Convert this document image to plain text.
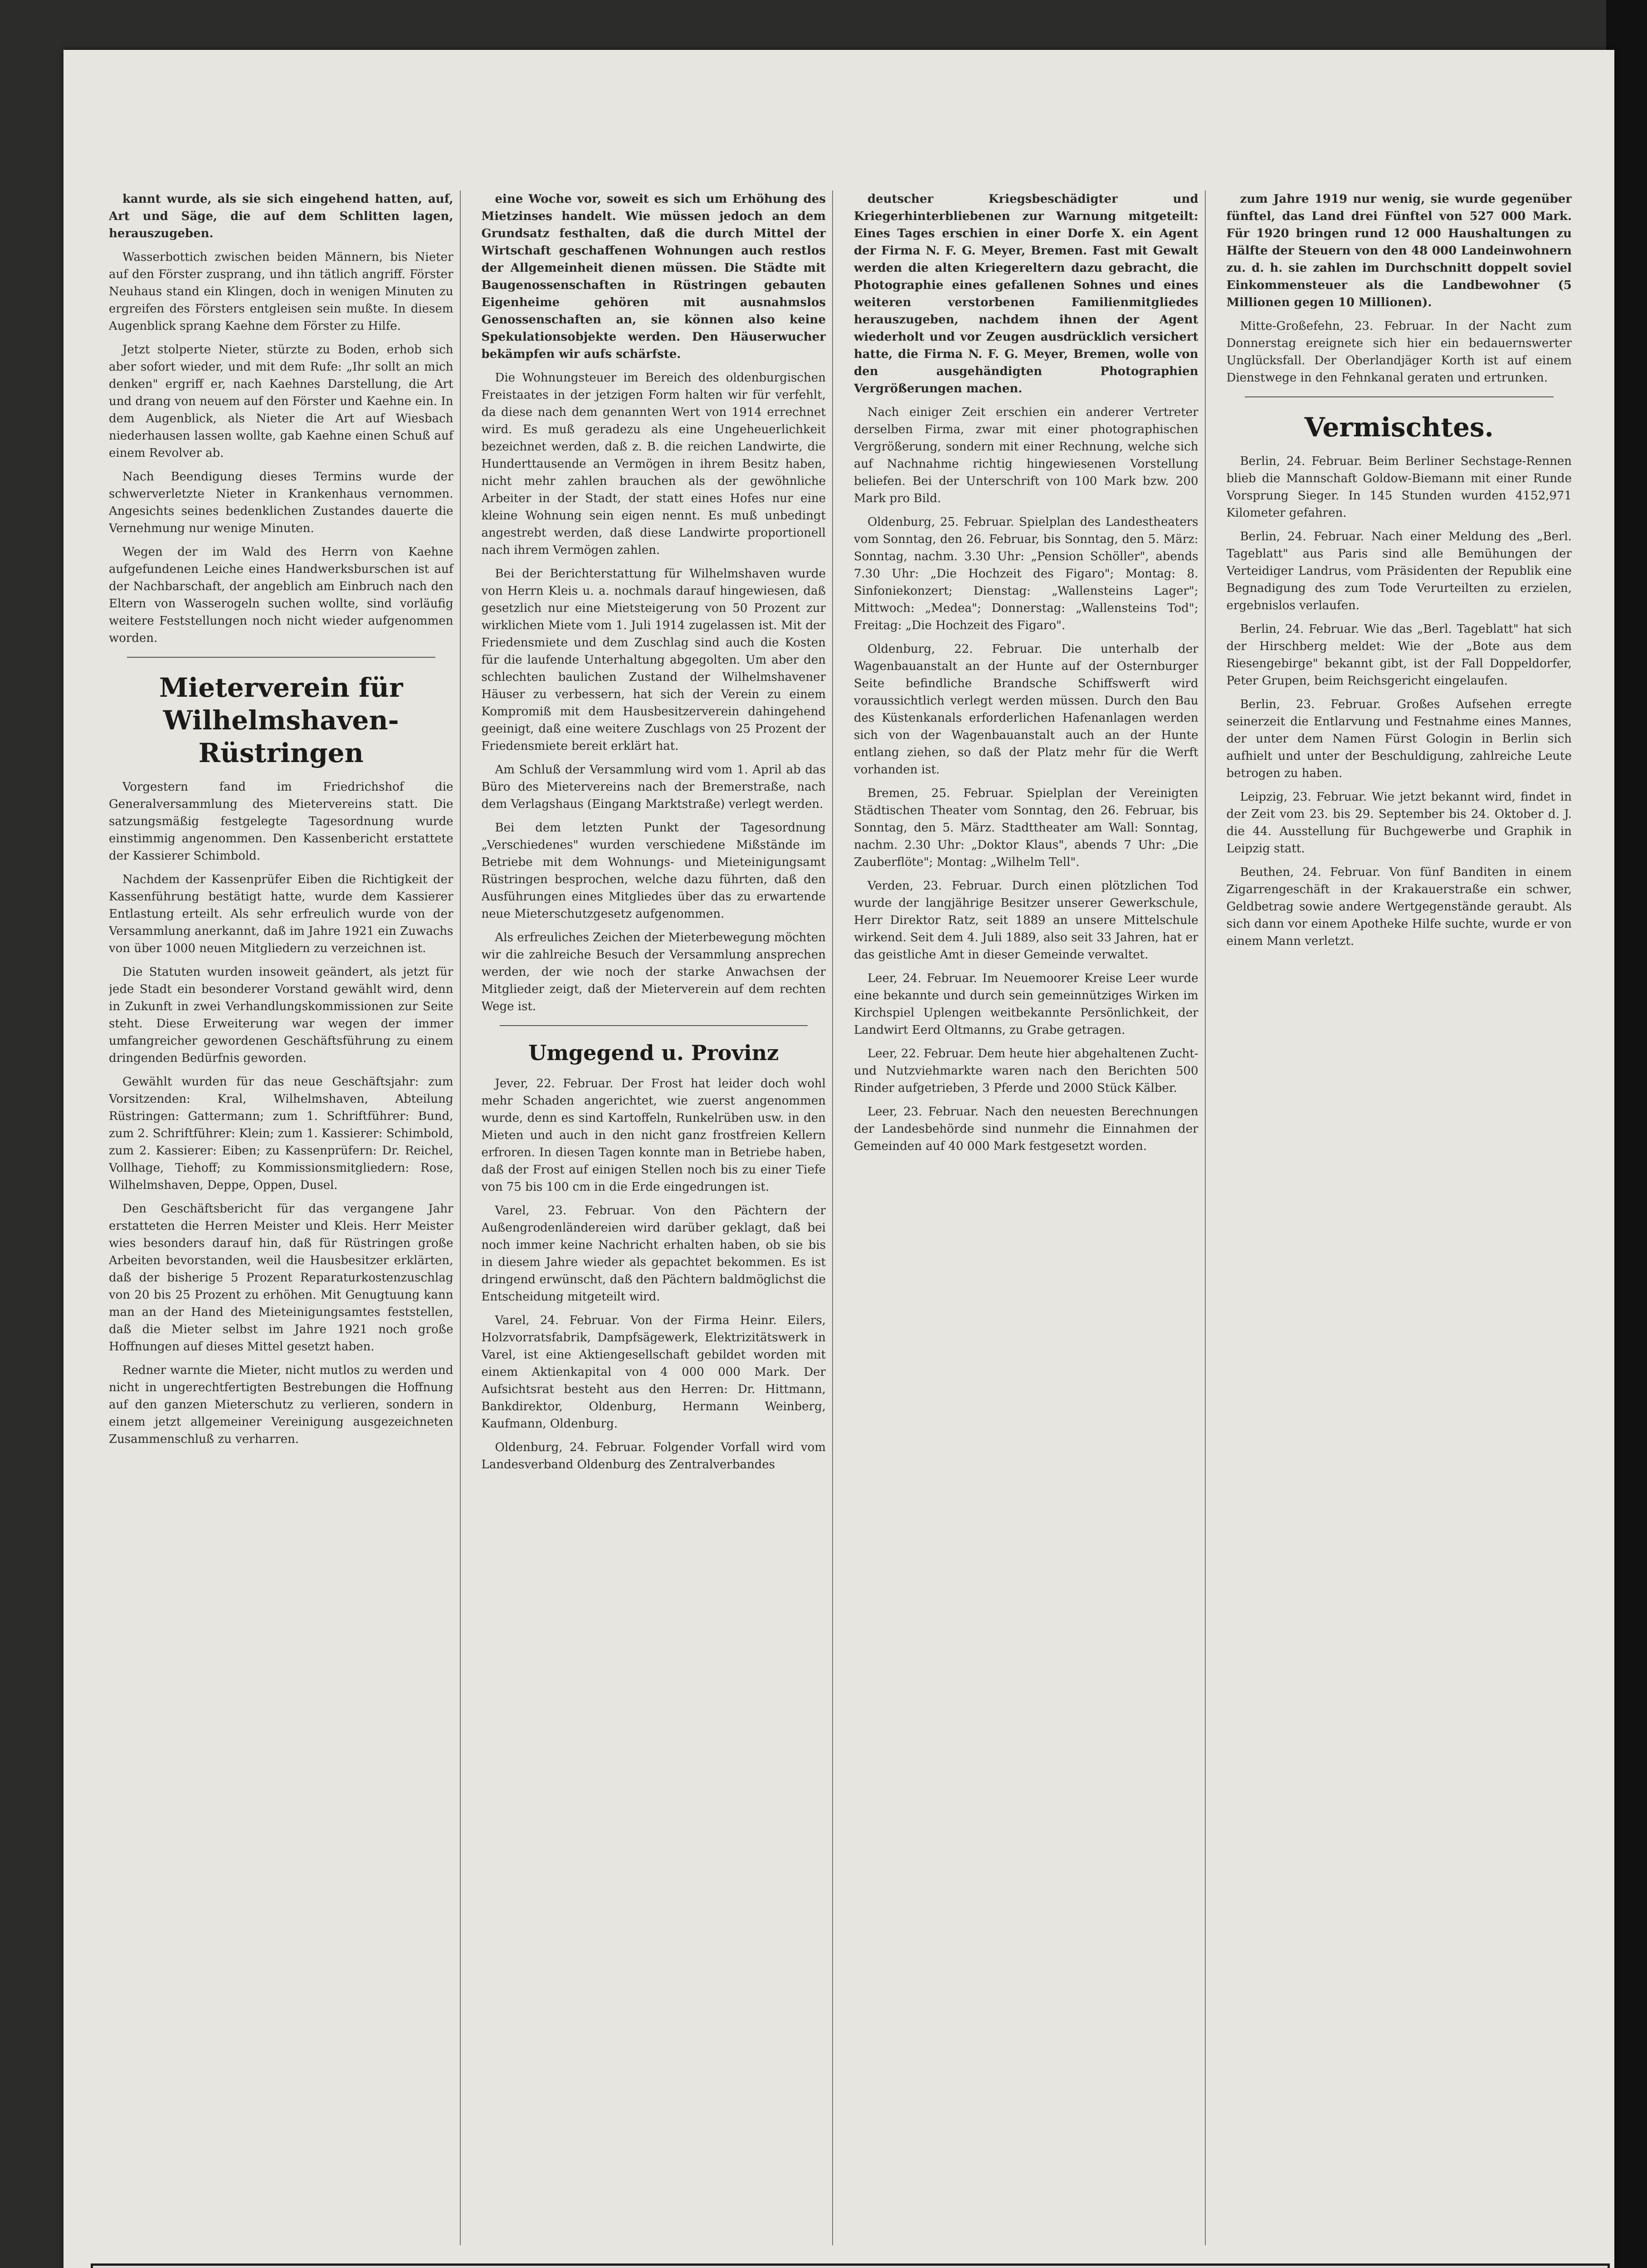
kannt wurde, als sie sich eingehend hatten, auf, Art und Säge, die auf dem Schlitten lagen, herauszugeben.

Wasserbottich zwischen beiden Männern, bis Nieter auf den Förster zusprang, und ihn tätlich angriff. Förster Neuhaus stand ein Klingen, doch in wenigen Minuten zu ergreifen des Försters entgleisen sein mußte. In diesem Augenblick sprang Kaehne dem Förster zu Hilfe.

Jetzt stolperte Nieter, stürzte zu Boden, erhob sich aber sofort wieder, und mit dem Rufe: „Ihr sollt an mich denken" ergriff er, nach Kaehnes Darstellung, die Art und drang von neuem auf den Förster und Kaehne ein. In dem Augenblick, als Nieter die Art auf Wiesbach niederhausen lassen wollte, gab Kaehne einen Schuß auf einem Revolver ab.

Nach Beendigung dieses Termins wurde der schwerverletzte Nieter in Krankenhaus vernommen. Angesichts seines bedenklichen Zustandes dauerte die Vernehmung nur wenige Minuten.

Wegen der im Wald des Herrn von Kaehne aufgefundenen Leiche eines Handwerksburschen ist auf der Nachbarschaft, der angeblich am Einbruch nach den Eltern von Wasserogeln suchen wollte, sind vorläufig weitere Feststellungen noch nicht wieder aufgenommen worden.

Mieterverein für Wilhelmshaven-Rüstringen

Vorgestern fand im Friedrichshof die Generalversammlung des Mietervereins statt. Die satzungsmäßig festgelegte Tagesordnung wurde einstimmig angenommen. Den Kassenbericht erstattete der Kassierer Schimbold.

Nachdem der Kassenprüfer Eiben die Richtigkeit der Kassenführung bestätigt hatte, wurde dem Kassierer Entlastung erteilt. Als sehr erfreulich wurde von der Versammlung anerkannt, daß im Jahre 1921 ein Zuwachs von über 1000 neuen Mitgliedern zu verzeichnen ist.

Die Statuten wurden insoweit geändert, als jetzt für jede Stadt ein besonderer Vorstand gewählt wird, denn in Zukunft in zwei Verhandlungskommissionen zur Seite steht. Diese Erweiterung war wegen der immer umfangreicher gewordenen Geschäftsführung zu einem dringenden Bedürfnis geworden.

Gewählt wurden für das neue Geschäftsjahr: zum Vorsitzenden: Kral, Wilhelmshaven, Abteilung Rüstringen: Gattermann; zum 1. Schriftführer: Bund, zum 2. Schriftführer: Klein; zum 1. Kassierer: Schimbold, zum 2. Kassierer: Eiben; zu Kassenprüfern: Dr. Reichel, Vollhage, Tiehoff; zu Kommissionsmitgliedern: Rose, Wilhelmshaven, Deppe, Oppen, Dusel.

Den Geschäftsbericht für das vergangene Jahr erstatteten die Herren Meister und Kleis. Herr Meister wies besonders darauf hin, daß für Rüstringen große Arbeiten bevorstanden, weil die Hausbesitzer erklärten, daß der bisherige 5 Prozent Reparaturkostenzuschlag von 20 bis 25 Prozent zu erhöhen. Mit Genugtuung kann man an der Hand des Mieteinigungsamtes feststellen, daß die Mieter selbst im Jahre 1921 noch große Hoffnungen auf dieses Mittel gesetzt haben.

Redner warnte die Mieter, nicht mutlos zu werden und nicht in ungerechtfertigten Bestrebungen die Hoffnung auf den ganzen Mieterschutz zu verlieren, sondern in einem jetzt allgemeiner Vereinigung ausgezeichneten Zusammenschluß zu verharren.

eine Woche vor, soweit es sich um Erhöhung des Mietzinses handelt. Wie müssen jedoch an dem Grundsatz festhalten, daß die durch Mittel der Wirtschaft geschaffenen Wohnungen auch restlos der Allgemeinheit dienen müssen. Die Städte mit Baugenossenschaften in Rüstringen gebauten Eigenheime gehören mit ausnahmslos Genossenschaften an, sie können also keine Spekulationsobjekte werden. Den Häuserwucher bekämpfen wir aufs schärfste.

Die Wohnungsteuer im Bereich des oldenburgischen Freistaates in der jetzigen Form halten wir für verfehlt, da diese nach dem genannten Wert von 1914 errechnet wird. Es muß geradezu als eine Ungeheuerlichkeit bezeichnet werden, daß z. B. die reichen Landwirte, die Hunderttausende an Vermögen in ihrem Besitz haben, nicht mehr zahlen brauchen als der gewöhnliche Arbeiter in der Stadt, der statt eines Hofes nur eine kleine Wohnung sein eigen nennt. Es muß unbedingt angestrebt werden, daß diese Landwirte proportionell nach ihrem Vermögen zahlen.

Bei der Berichterstattung für Wilhelmshaven wurde von Herrn Kleis u. a. nochmals darauf hingewiesen, daß gesetzlich nur eine Mietsteigerung von 50 Prozent zur wirklichen Miete vom 1. Juli 1914 zugelassen ist. Mit der Friedensmiete und dem Zuschlag sind auch die Kosten für die laufende Unterhaltung abgegolten. Um aber den schlechten baulichen Zustand der Wilhelmshavener Häuser zu verbessern, hat sich der Verein zu einem Kompromiß mit dem Hausbesitzerverein dahingehend geeinigt, daß eine weitere Zuschlags von 25 Prozent der Friedensmiete bereit erklärt hat.

Am Schluß der Versammlung wird vom 1. April ab das Büro des Mietervereins nach der Bremerstraße, nach dem Verlagshaus (Eingang Marktstraße) verlegt werden.

Bei dem letzten Punkt der Tagesordnung „Verschiedenes" wurden verschiedene Mißstände im Betriebe mit dem Wohnungs- und Mieteinigungsamt Rüstringen besprochen, welche dazu führten, daß den Ausführungen eines Mitgliedes über das zu erwartende neue Mieterschutzgesetz aufgenommen.

Als erfreuliches Zeichen der Mieterbewegung möchten wir die zahlreiche Besuch der Versammlung ansprechen werden, der wie noch der starke Anwachsen der Mitglieder zeigt, daß der Mieterverein auf dem rechten Wege ist.

Umgegend u. Provinz

Jever, 22. Februar. Der Frost hat leider doch wohl mehr Schaden angerichtet, wie zuerst angenommen wurde, denn es sind Kartoffeln, Runkelrüben usw. in den Mieten und auch in den nicht ganz frostfreien Kellern erfroren. In diesen Tagen konnte man in Betriebe haben, daß der Frost auf einigen Stellen noch bis zu einer Tiefe von 75 bis 100 cm in die Erde eingedrungen ist.

Varel, 23. Februar. Von den Pächtern der Außengrodenländereien wird darüber geklagt, daß bei noch immer keine Nachricht erhalten haben, ob sie bis in diesem Jahre wieder als gepachtet bekommen. Es ist dringend erwünscht, daß den Pächtern baldmöglichst die Entscheidung mitgeteilt wird.

Varel, 24. Februar. Von der Firma Heinr. Eilers, Holzvorratsfabrik, Dampfsägewerk, Elektrizitätswerk in Varel, ist eine Aktiengesellschaft gebildet worden mit einem Aktienkapital von 4 000 000 Mark. Der Aufsichtsrat besteht aus den Herren: Dr. Hittmann, Bankdirektor, Oldenburg, Hermann Weinberg, Kaufmann, Oldenburg.

Oldenburg, 24. Februar. Folgender Vorfall wird vom Landesverband Oldenburg des Zentralverbandes

deutscher Kriegsbeschädigter und Kriegerhinterbliebenen zur Warnung mitgeteilt: Eines Tages erschien in einer Dorfe X. ein Agent der Firma N. F. G. Meyer, Bremen. Fast mit Gewalt werden die alten Kriegereltern dazu gebracht, die Photographie eines gefallenen Sohnes und eines weiteren verstorbenen Familienmitgliedes herauszugeben, nachdem ihnen der Agent wiederholt und vor Zeugen ausdrücklich versichert hatte, die Firma N. F. G. Meyer, Bremen, wolle von den ausgehändigten Photographien Vergrößerungen machen.

Nach einiger Zeit erschien ein anderer Vertreter derselben Firma, zwar mit einer photographischen Vergrößerung, sondern mit einer Rechnung, welche sich auf Nachnahme richtig hingewiesenen Vorstellung beliefen. Bei der Unterschrift von 100 Mark bzw. 200 Mark pro Bild.

Oldenburg, 25. Februar. Spielplan des Landestheaters vom Sonntag, den 26. Februar, bis Sonntag, den 5. März: Sonntag, nachm. 3.30 Uhr: „Pension Schöller", abends 7.30 Uhr: „Die Hochzeit des Figaro"; Montag: 8. Sinfoniekonzert; Dienstag: „Wallensteins Lager"; Mittwoch: „Medea"; Donnerstag: „Wallensteins Tod"; Freitag: „Die Hochzeit des Figaro".

Oldenburg, 22. Februar. Die unterhalb der Wagenbauanstalt an der Hunte auf der Osternburger Seite befindliche Brandsche Schiffswerft wird voraussichtlich verlegt werden müssen. Durch den Bau des Küstenkanals erforderlichen Hafenanlagen werden sich von der Wagenbauanstalt auch an der Hunte entlang ziehen, so daß der Platz mehr für die Werft vorhanden ist.

Bremen, 25. Februar. Spielplan der Vereinigten Städtischen Theater vom Sonntag, den 26. Februar, bis Sonntag, den 5. März. Stadttheater am Wall: Sonntag, nachm. 2.30 Uhr: „Doktor Klaus", abends 7 Uhr: „Die Zauberflöte"; Montag: „Wilhelm Tell".

Verden, 23. Februar. Durch einen plötzlichen Tod wurde der langjährige Besitzer unserer Gewerkschule, Herr Direktor Ratz, seit 1889 an unsere Mittelschule wirkend. Seit dem 4. Juli 1889, also seit 33 Jahren, hat er das geistliche Amt in dieser Gemeinde verwaltet.

Leer, 24. Februar. Im Neuemoorer Kreise Leer wurde eine bekannte und durch sein gemeinnütziges Wirken im Kirchspiel Uplengen weitbekannte Persönlichkeit, der Landwirt Eerd Oltmanns, zu Grabe getragen.

Leer, 22. Februar. Dem heute hier abgehaltenen Zucht- und Nutzviehmarkte waren nach den Berichten 500 Rinder aufgetrieben, 3 Pferde und 2000 Stück Kälber.

Leer, 23. Februar. Nach den neuesten Berechnungen der Landesbehörde sind nunmehr die Einnahmen der Gemeinden auf 40 000 Mark festgesetzt worden.

zum Jahre 1919 nur wenig, sie wurde gegenüber fünftel, das Land drei Fünftel von 527 000 Mark. Für 1920 bringen rund 12 000 Haushaltungen zu Hälfte der Steuern von den 48 000 Landeinwohnern zu. d. h. sie zahlen im Durchschnitt doppelt soviel Einkommensteuer als die Landbewohner (5 Millionen gegen 10 Millionen).

Mitte-Großefehn, 23. Februar. In der Nacht zum Donnerstag ereignete sich hier ein bedauernswerter Unglücksfall. Der Oberlandjäger Korth ist auf einem Dienstwege in den Fehnkanal geraten und ertrunken.

Vermischtes.

Berlin, 24. Februar. Beim Berliner Sechstage-Rennen blieb die Mannschaft Goldow-Biemann mit einer Runde Vorsprung Sieger. In 145 Stunden wurden 4152,971 Kilometer gefahren.

Berlin, 24. Februar. Nach einer Meldung des „Berl. Tageblatt" aus Paris sind alle Bemühungen der Verteidiger Landrus, vom Präsidenten der Republik eine Begnadigung des zum Tode Verurteilten zu erzielen, ergebnislos verlaufen.

Berlin, 24. Februar. Wie das „Berl. Tageblatt" hat sich der Hirschberg meldet: Wie der „Bote aus dem Riesengebirge" bekannt gibt, ist der Fall Doppeldorfer, Peter Grupen, beim Reichsgericht eingelaufen.

Berlin, 23. Februar. Großes Aufsehen erregte seinerzeit die Entlarvung und Festnahme eines Mannes, der unter dem Namen Fürst Gologin in Berlin sich aufhielt und unter der Beschuldigung, zahlreiche Leute betrogen zu haben.

Leipzig, 23. Februar. Wie jetzt bekannt wird, findet in der Zeit vom 23. bis 29. September bis 24. Oktober d. J. die 44. Ausstellung für Buchgewerbe und Graphik in Leipzig statt.

Beuthen, 24. Februar. Von fünf Banditen in einem Zigarrengeschäft in der Krakauerstraße ein schwer, Geldbetrag sowie andere Wertgegenstände geraubt. Als sich dann vor einem Apotheke Hilfe suchte, wurde er von einem Mann verletzt.
